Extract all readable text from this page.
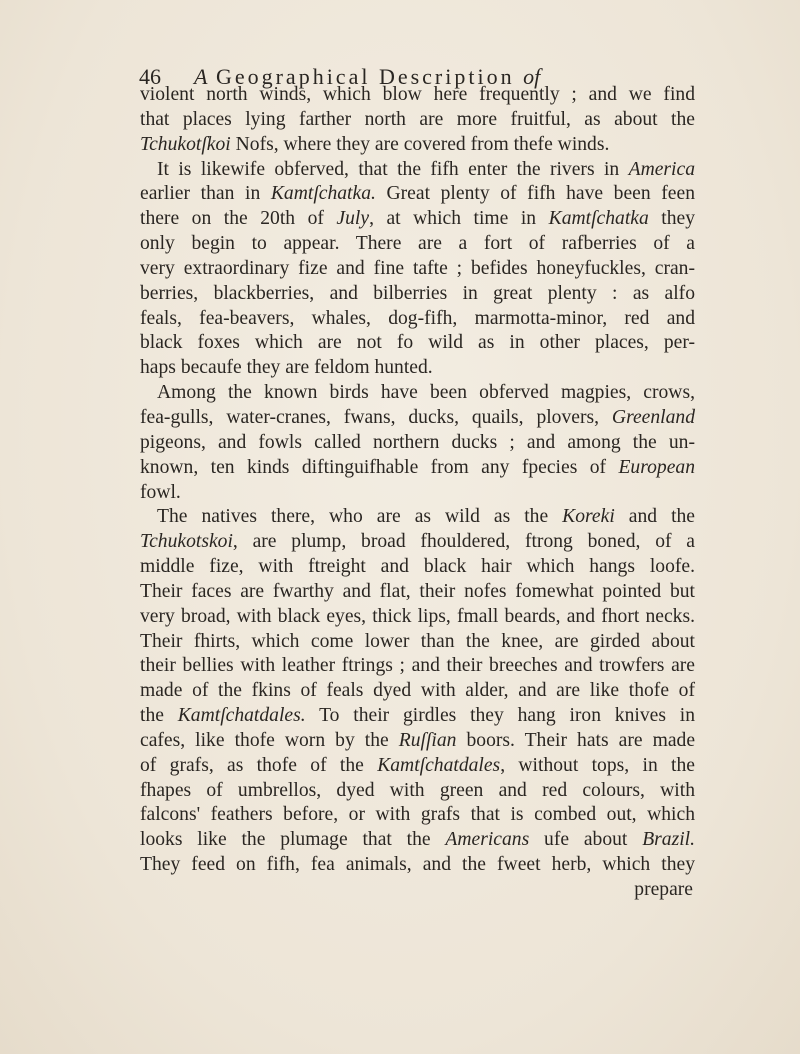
46 A Geographical Description of
violent north winds, which blow here frequently ; and we find
that places lying farther north are more fruitful, as about the
Tchukotſkoi Nofs, where they are covered from thefe winds.
It is likewife obferved, that the fifh enter the rivers in America
earlier than in Kamtſchatka. Great plenty of fifh have been feen
there on the 20th of July, at which time in Kamtſchatka they
only begin to appear. There are a fort of rafberries of a
very extraordinary fize and fine tafte ; befides honeyfuckles, cran-
berries, blackberries, and bilberries in great plenty : as alfo
feals, fea-beavers, whales, dog-fifh, marmotta-minor, red and
black foxes which are not fo wild as in other places, per-
haps becaufe they are feldom hunted.
Among the known birds have been obferved magpies, crows,
fea-gulls, water-cranes, fwans, ducks, quails, plovers, Greenland
pigeons, and fowls called northern ducks ; and among the un-
known, ten kinds diftinguifhable from any fpecies of European
fowl.
The natives there, who are as wild as the Koreki and the
Tchukotskoi, are plump, broad fhouldered, ftrong boned, of a
middle fize, with ftreight and black hair which hangs loofe.
Their faces are fwarthy and flat, their nofes fomewhat pointed but
very broad, with black eyes, thick lips, fmall beards, and fhort necks.
Their fhirts, which come lower than the knee, are girded about
their bellies with leather ftrings ; and their breeches and trowfers are
made of the fkins of feals dyed with alder, and are like thofe of
the Kamtſchatdales. To their girdles they hang iron knives in
cafes, like thofe worn by the Ruſſian boors. Their hats are made
of grafs, as thofe of the Kamtſchatdales, without tops, in the
fhapes of umbrellos, dyed with green and red colours, with
falcons' feathers before, or with grafs that is combed out, which
looks like the plumage that the Americans ufe about Brazil.
They feed on fifh, fea animals, and the fweet herb, which they
prepare
